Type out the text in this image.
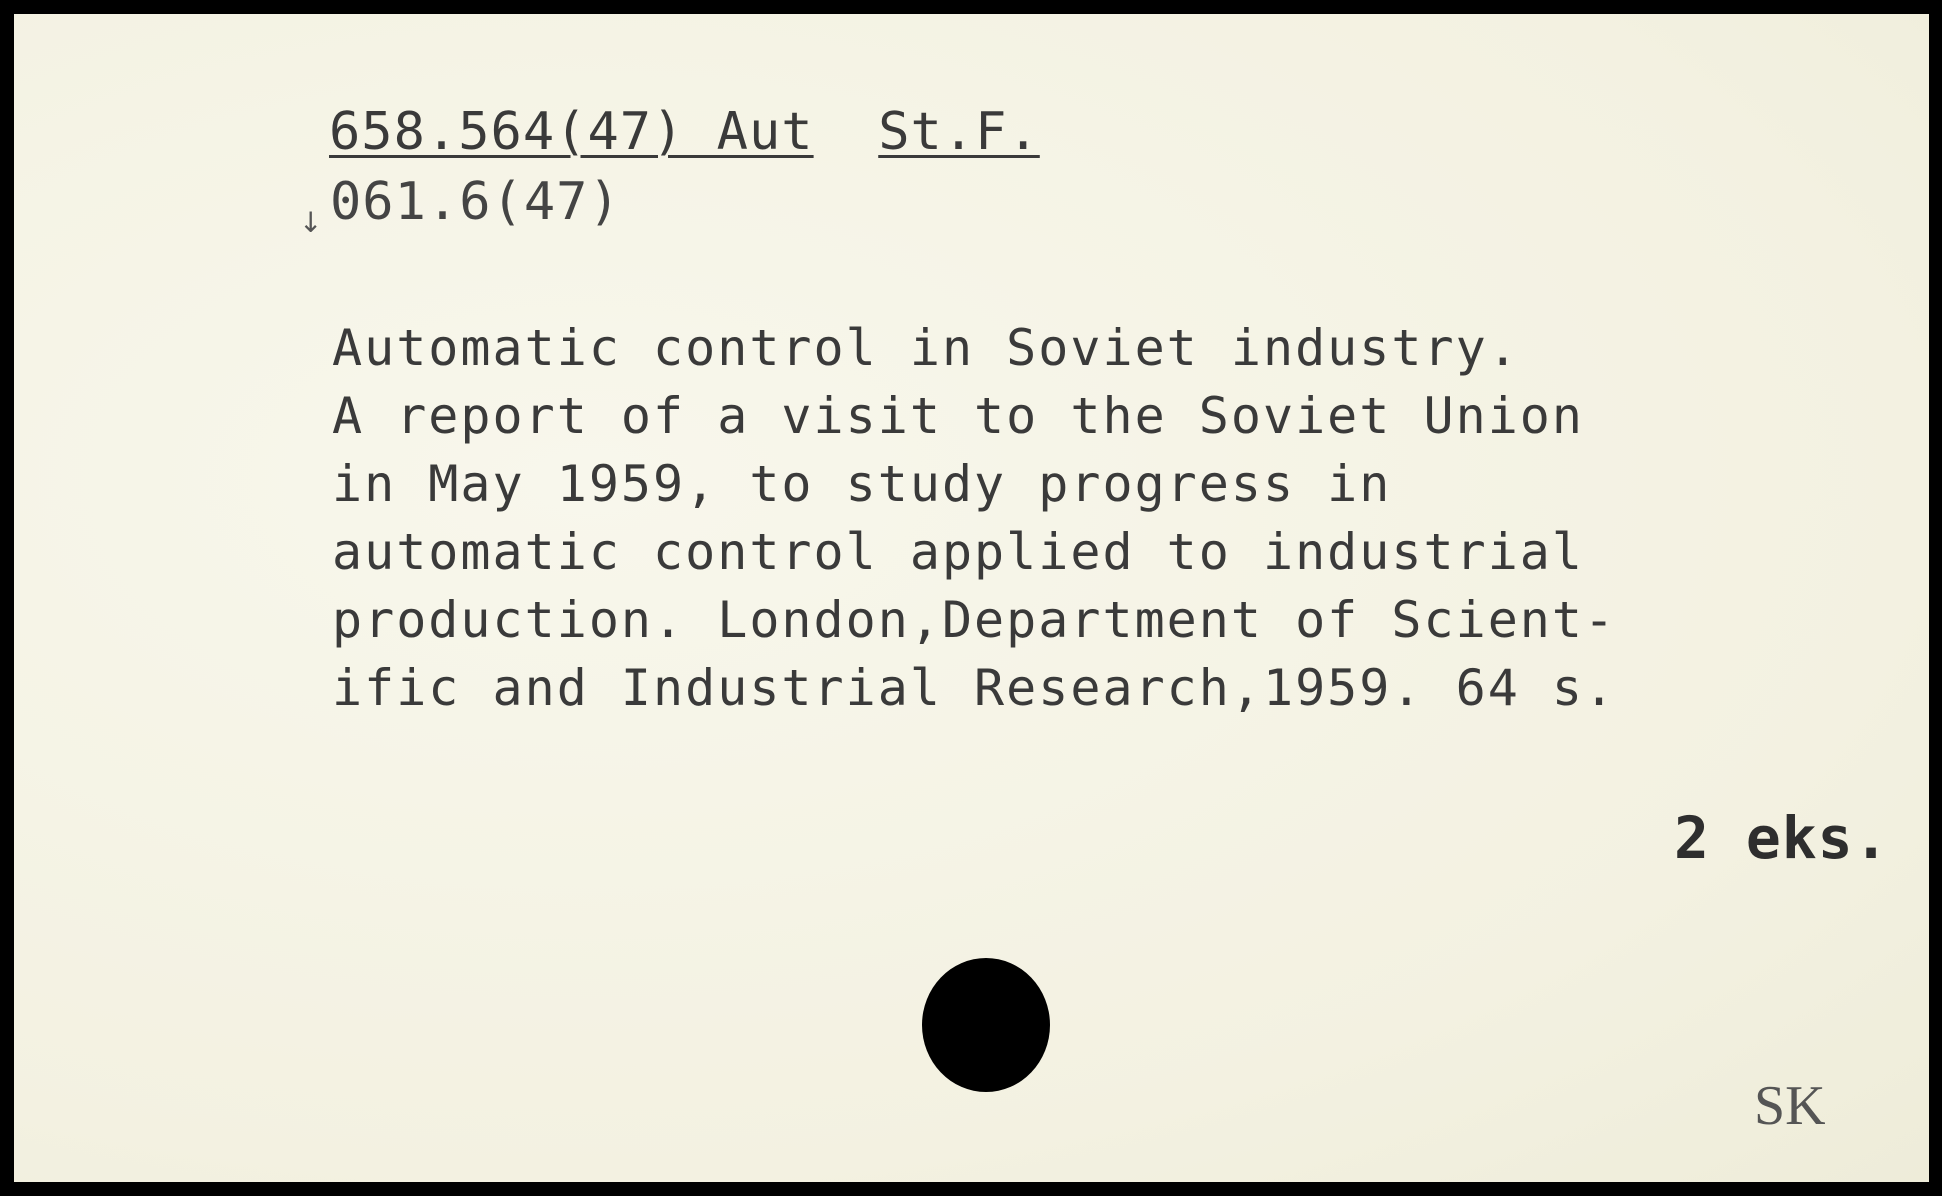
658.564(47) Aut St.F.
↓ 061.6(47)
Automatic control in Soviet industry.
A report of a visit to the Soviet Union
in May 1959, to study progress in
automatic control applied to industrial
production. London,Department of Scient-
ific and Industrial Research,1959. 64 s.
2 eks.
SK
